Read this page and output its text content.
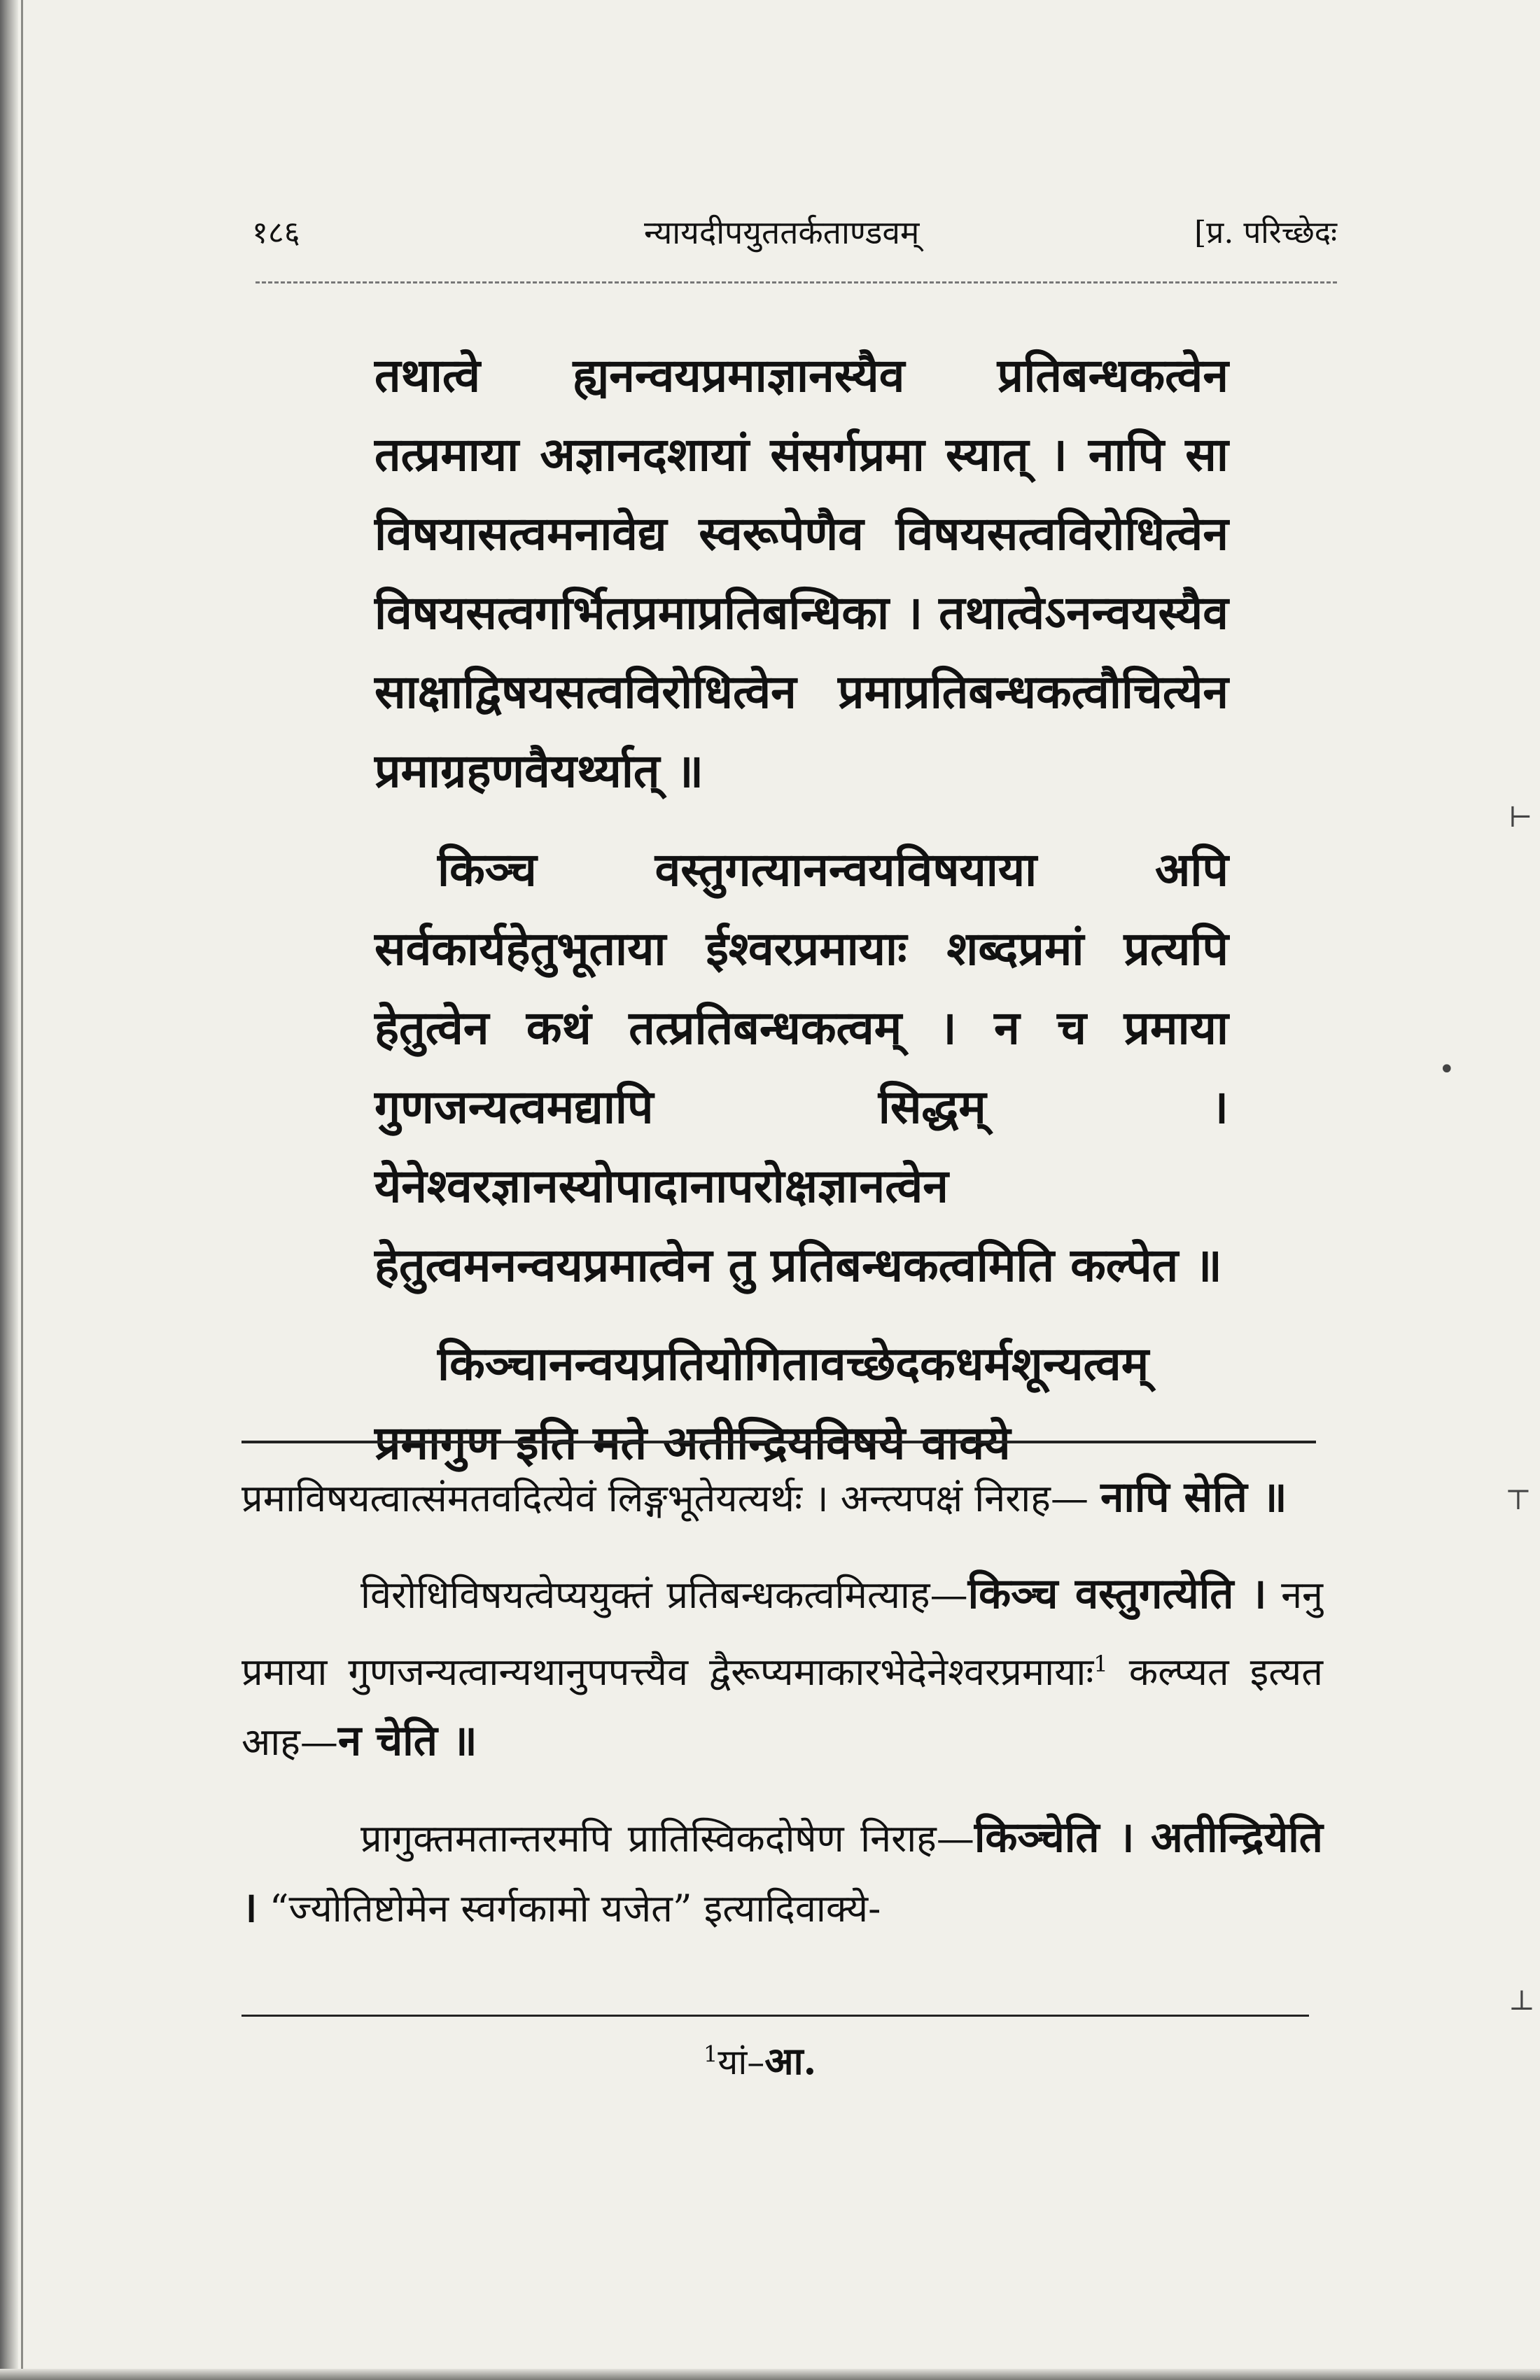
१८६	न्यायदीपयुततर्कताण्डवम्	[प्र. परिच्छेदः

तथात्वे ह्यनन्वयप्रमाज्ञानस्यैव प्रतिबन्धकत्वेन तत्प्रमाया अज्ञानदशायां संसर्गप्रमा स्यात् । नापि सा विषयासत्वमनावेद्य स्वरूपेणैव विषयसत्वविरोधित्वेन विषयसत्वगर्भितप्रमाप्रतिबन्धिका । तथात्वेऽनन्वयस्यैव साक्षाद्विषयसत्वविरोधित्वेन प्रमाप्रतिबन्धकत्वौचित्येन प्रमाग्रहणवैयर्थ्यात् ॥

किञ्च वस्तुगत्यानन्वयविषयाया अपि सर्वकार्यहेतुभूताया ईश्वरप्रमायाः शब्दप्रमां प्रत्यपि हेतुत्वेन कथं तत्प्रतिबन्धकत्वम् । न च प्रमाया गुणजन्यत्वमद्यापि सिद्धम् । येनेश्वरज्ञानस्योपादानापरोक्षज्ञानत्वेन हेतुत्वमनन्वयप्रमात्वेन तु प्रतिबन्धकत्वमिति कल्पेत ॥

किञ्चानन्वयप्रतियोगितावच्छेदकधर्मशून्यत्वम् प्रमागुण इति मते अतीन्द्रियविषये वाक्ये

प्रमाविषयत्वात्संमतवदित्येवं लिङ्गभूतेयत्यर्थः । अन्त्यपक्षं निराह— नापि सेति ॥

विरोधिविषयत्वेप्ययुक्तं प्रतिबन्धकत्वमित्याह—किञ्च वस्तुगत्येति । ननु प्रमाया गुणजन्यत्वान्यथानुपपत्त्यैव द्वैरूप्यमाकारभेदेनेश्वरप्रमायाः$^1$ कल्प्यत इत्यत आह—न चेति ॥

प्रागुक्तमतान्तरमपि प्रातिस्विकदोषेण निराह—किञ्चेति । अतीन्द्रियेति । “ज्योतिष्टोमेन स्वर्गकामो यजेत” इत्यादिवाक्ये-

$^1$यां–आ.
⊢
•
⊤
⊥
